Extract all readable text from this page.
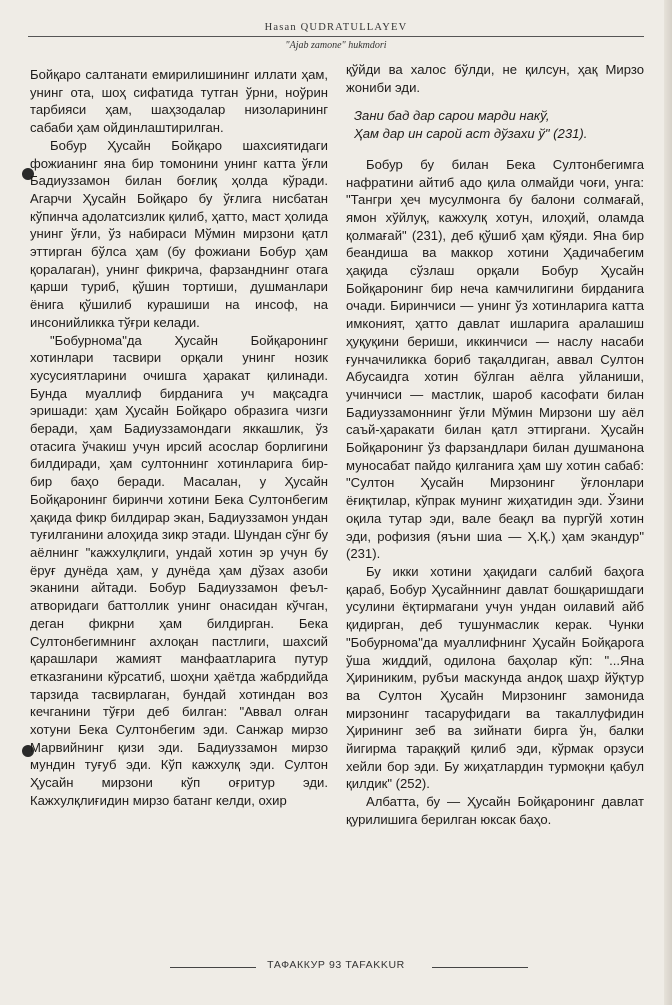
Hasan QUDRATULLAYEV
"Ajab zamone" hukmdori

Бойқаро салтанати емирилишининг иллати ҳам, унинг ота, шоҳ сифатида тутган ўрни, ноўрин тарбияси ҳам, шаҳзодалар низоларининг сабаби ҳам ойдинлаштирилган.

Бобур Ҳусайн Бойқаро шахсиятидаги фожианинг яна бир томонини унинг катта ўғли Бадиуззамон билан боғлиқ ҳолда кўради. Агарчи Ҳусайн Бойқаро бу ўғлига нисбатан кўпинча адолатсизлик қилиб, ҳатто, маст ҳолида унинг ўғли, ўз набираси Мўмин мирзони қатл эттирган бўлса ҳам (бу фожиани Бобур ҳам қоралаган), унинг фикрича, фарзанднинг отага қарши туриб, қўшин тортиши, душманлари ёнига қўшилиб курашиши на инсоф, на инсонийликка тўғри келади.

"Бобурнома"да Ҳусайн Бойқаронинг хотинлари тасвири орқали унинг нозик хусусиятларини очишга ҳаракат қилинади. Бунда муаллиф бирданига уч мақсадга эришади: ҳам Ҳусайн Бойқаро образига чизги беради, ҳам Бадиуззамондаги яккашлик, ўз отасига ўчакиш учун ирсий асослар борлигини билдиради, ҳам султоннинг хотинларига бир-бир баҳо беради. Масалан, у Ҳусайн Бойқаронинг биринчи хотини Бека Султонбегим ҳақида фикр билдирар экан, Бадиуззамон ундан туғилганини алоҳида зикр этади. Шундан сўнг бу аёлнинг "кажхулқлиги, ундай хотин эр учун бу ёруғ дунёда ҳам, у дунёда ҳам дўзах азоби эканини айтади. Бобур Бадиуззамон феъл-атворидаги баттоллик унинг онасидан кўчган, деган фикрни ҳам билдирган. Бека Султонбегимнинг ахлоқан пастлиги, шахсий қарашлари жамият манфаатларига путур етказганини кўрсатиб, шоҳни ҳаётда жабрдийда тарзида тасвирлаган, бундай хотиндан воз кечганини тўғри деб билган: "Аввал олған хотуни Бека Султонбегим эди. Санжар мирзо Марвийнинг қизи эди. Бадиуззамон мирзо мундин туғуб эди. Кўп кажхулқ эди. Султон Ҳусайн мирзони кўп оғритур эди. Кажхулқлиғидин мирзо батанг келди, охир

қўйди ва халос бўлди, не қилсун, ҳақ Мирзо жониби эди.

Зани бад дар сарои марди накў,
Ҳам дар ин сарой аст дўзахи ў" (231).

Бобур бу билан Бека Султонбегимга нафратини айтиб адо қила олмайди чоғи, унга: "Тангри ҳеч мусулмонга бу балони солмағай, ямон хўйлуқ, кажхулқ хотун, илоҳий, оламда қолмағай" (231), деб қўшиб ҳам қўяди. Яна бир беандиша ва маккор хотини Ҳадичабегим ҳақида сўзлаш орқали Бобур Ҳусайн Бойқаронинг бир неча камчилигини бирданига очади. Биринчиси — унинг ўз хотинларига катта имконият, ҳатто давлат ишларига аралашиш ҳуқуқини бериши, иккинчиси — наслу насаби ғунчачиликка бориб тақалдиган, аввал Султон Абусаидга хотин бўлган аёлга уйланиши, учинчиси — мастлик, шароб касофати билан Бадиуззамоннинг ўғли Мўмин Мирзони шу аёл саъй-ҳаракати билан қатл эттиргани. Ҳусайн Бойқаронинг ўз фарзандлари билан душманона муносабат пайдо қилганига ҳам шу хотин сабаб: "Султон Ҳусайн Мирзонинг ўғлонлари ёғиқтилар, кўпрак мунинг жиҳатидин эди. Ўзини оқила тутар эди, вале беақл ва пургўй хотин эди, рофизия (яъни шиа — Ҳ.Қ.) ҳам экандур" (231).

Бу икки хотини ҳақидаги салбий баҳога қараб, Бобур Ҳусайннинг давлат бошқаришдаги усулини ёқтирмагани учун ундан оилавий айб қидирган, деб тушунмаслик керак. Чунки "Бобурнома"да муаллифнинг Ҳусайн Бойқарога ўша жиддий, одилона баҳолар кўп: "...Яна Ҳириниким, рубъи маскунда андоқ шаҳр йўқтур ва Султон Ҳусайн Мирзонинг замонида мирзонинг тасаруфидаги ва такаллуфидин Ҳирининг зеб ва зийнати бирга ўн, балки йигирма тараққий қилиб эди, кўрмак орзуси хейли бор эди. Бу жиҳатлардин турмоқни қабул қилдик" (252).

Албатта, бу — Ҳусайн Бойқаронинг давлат қурилишига берилган юксак баҳо.

ТАФАККУР 93 TAFAKKUR
